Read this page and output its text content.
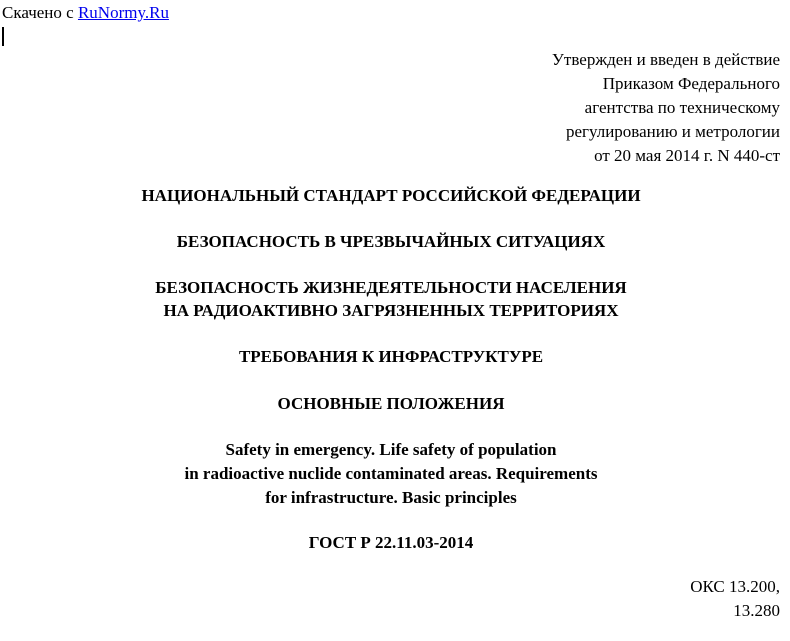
Скачено с RuNormy.Ru
Утвержден и введен в действие
Приказом Федерального
агентства по техническому
регулированию и метрологии
от 20 мая 2014 г. N 440-ст
НАЦИОНАЛЬНЫЙ СТАНДАРТ РОССИЙСКОЙ ФЕДЕРАЦИИ
БЕЗОПАСНОСТЬ В ЧРЕЗВЫЧАЙНЫХ СИТУАЦИЯХ
БЕЗОПАСНОСТЬ ЖИЗНЕДЕЯТЕЛЬНОСТИ НАСЕЛЕНИЯ
НА РАДИОАКТИВНО ЗАГРЯЗНЕННЫХ ТЕРРИТОРИЯХ
ТРЕБОВАНИЯ К ИНФРАСТРУКТУРЕ
ОСНОВНЫЕ ПОЛОЖЕНИЯ
Safety in emergency. Life safety of population
in radioactive nuclide contaminated areas. Requirements
for infrastructure. Basic principles
ГОСТ Р 22.11.03-2014
ОКС 13.200,
13.280
